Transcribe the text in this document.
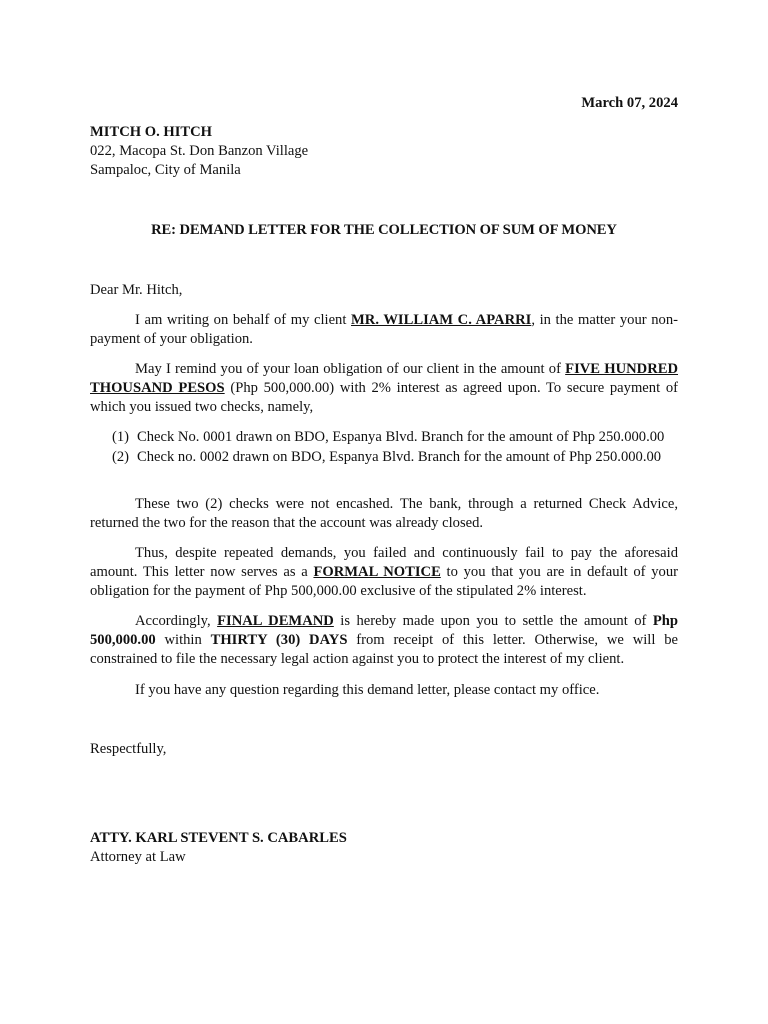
March 07, 2024
MITCH O. HITCH
022, Macopa St. Don Banzon Village
Sampaloc, City of Manila
RE: DEMAND LETTER FOR THE COLLECTION OF SUM OF MONEY
Dear Mr. Hitch,

I am writing on behalf of my client MR. WILLIAM C. APARRI, in the matter your non-payment of your obligation.

May I remind you of your loan obligation of our client in the amount of FIVE HUNDRED THOUSAND PESOS (Php 500,000.00) with 2% interest as agreed upon. To secure payment of which you issued two checks, namely,

(1) Check No. 0001 drawn on BDO, Espanya Blvd. Branch for the amount of Php 250.000.00
(2) Check no. 0002 drawn on BDO, Espanya Blvd. Branch for the amount of Php 250.000.00

These two (2) checks were not encashed. The bank, through a returned Check Advice, returned the two for the reason that the account was already closed.

Thus, despite repeated demands, you failed and continuously fail to pay the aforesaid amount. This letter now serves as a FORMAL NOTICE to you that you are in default of your obligation for the payment of Php 500,000.00 exclusive of the stipulated 2% interest.

Accordingly, FINAL DEMAND is hereby made upon you to settle the amount of Php 500,000.00 within THIRTY (30) DAYS from receipt of this letter. Otherwise, we will be constrained to file the necessary legal action against you to protect the interest of my client.

If you have any question regarding this demand letter, please contact my office.

Respectfully,
ATTY. KARL STEVENT S. CABARLES
Attorney at Law
